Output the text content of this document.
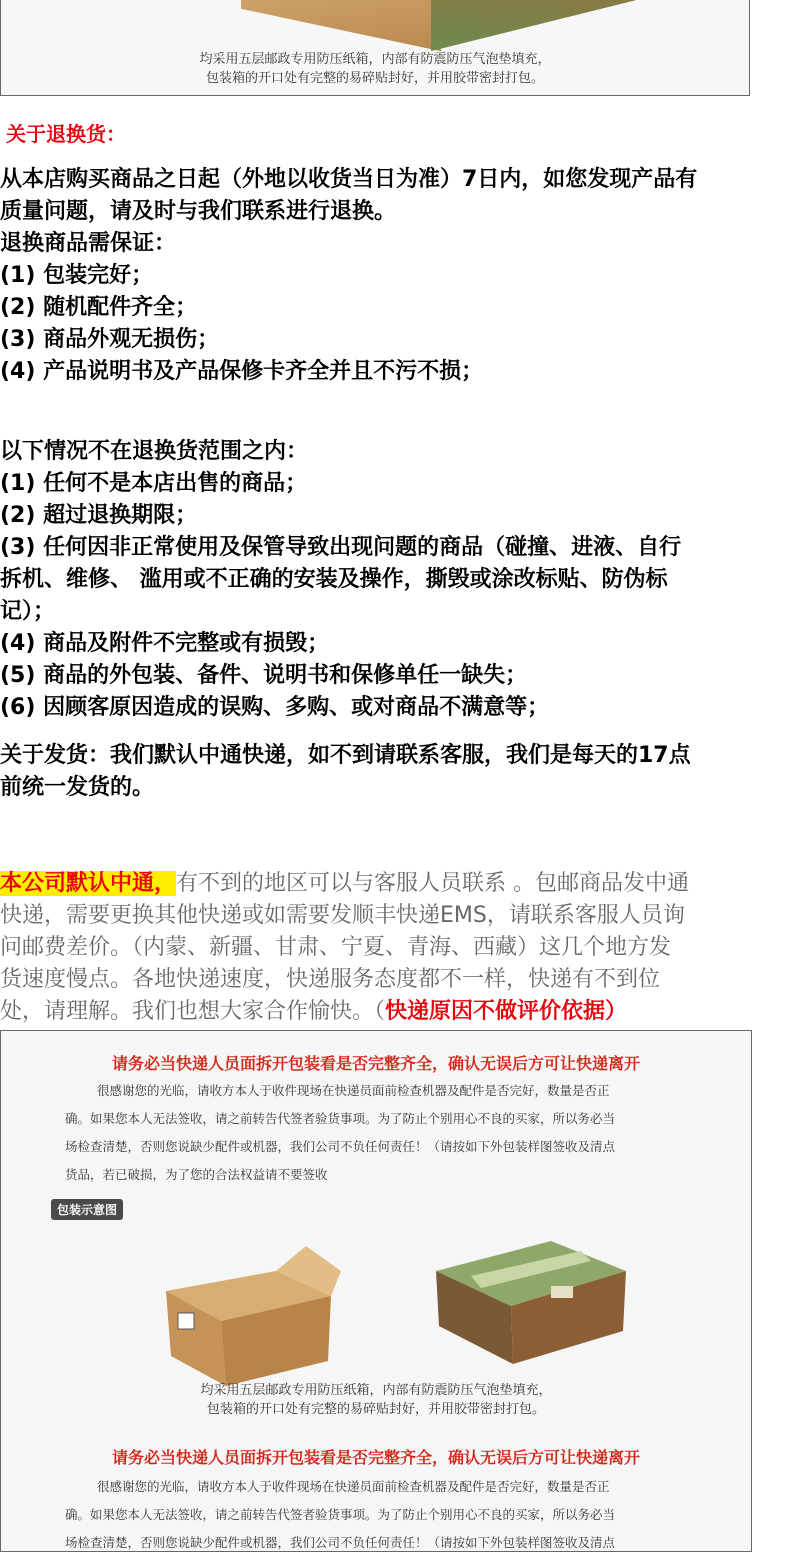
均采用五层邮政专用防压纸箱，内部有防震防压气泡垫填充，
包装箱的开口处有完整的易碎贴封好，并用胶带密封打包。
关于退换货：
从本店购买商品之日起（外地以收货当日为准）7日内，如您发现产品有
质量问题，请及时与我们联系进行退换。
退换商品需保证：
(1) 包装完好；
(2) 随机配件齐全；
(3) 商品外观无损伤；
(4) 产品说明书及产品保修卡齐全并且不污不损；
以下情况不在退换货范围之内：
(1) 任何不是本店出售的商品；
(2) 超过退换期限；
(3) 任何因非正常使用及保管导致出现问题的商品（碰撞、进液、自行
拆机、维修、 滥用或不正确的安装及操作，撕毁或涂改标贴、防伪标
记）；
(4) 商品及附件不完整或有损毁；
(5) 商品的外包装、备件、说明书和保修单任一缺失；
(6) 因顾客原因造成的误购、多购、或对商品不满意等；
关于发货：我们默认中通快递，如不到请联系客服，我们是每天的17点
前统一发货的。
本公司默认中通，有不到的地区可以与客服人员联系 。包邮商品发中通
快递，需要更换其他快递或如需要发顺丰快递EMS，请联系客服人员询
问邮费差价。（内蒙、新疆、甘肃、宁夏、青海、西藏）这几个地方发
货速度慢点。各地快递速度，快递服务态度都不一样，快递有不到位
处，请理解。我们也想大家合作愉快。（快递原因不做评价依据）
请务必当快递人员面拆开包装看是否完整齐全，确认无误后方可让快递离开
很感谢您的光临，请收方本人于收件现场在快递员面前检查机器及配件是否完好，数量是否正
确。如果您本人无法签收，请之前转告代签者验货事项。为了防止个别用心不良的买家，所以务必当
场检查清楚，否则您说缺少配件或机器，我们公司不负任何责任！（请按如下外包装样图签收及清点
货品，若已破损，为了您的合法权益请不要签收
包装示意图
均采用五层邮政专用防压纸箱，内部有防震防压气泡垫填充，
包装箱的开口处有完整的易碎贴封好，并用胶带密封打包。
请务必当快递人员面拆开包装看是否完整齐全，确认无误后方可让快递离开
很感谢您的光临，请收方本人于收件现场在快递员面前检查机器及配件是否完好，数量是否正
确。如果您本人无法签收，请之前转告代签者验货事项。为了防止个别用心不良的买家，所以务必当
场检查清楚，否则您说缺少配件或机器，我们公司不负任何责任！（请按如下外包装样图签收及清点
